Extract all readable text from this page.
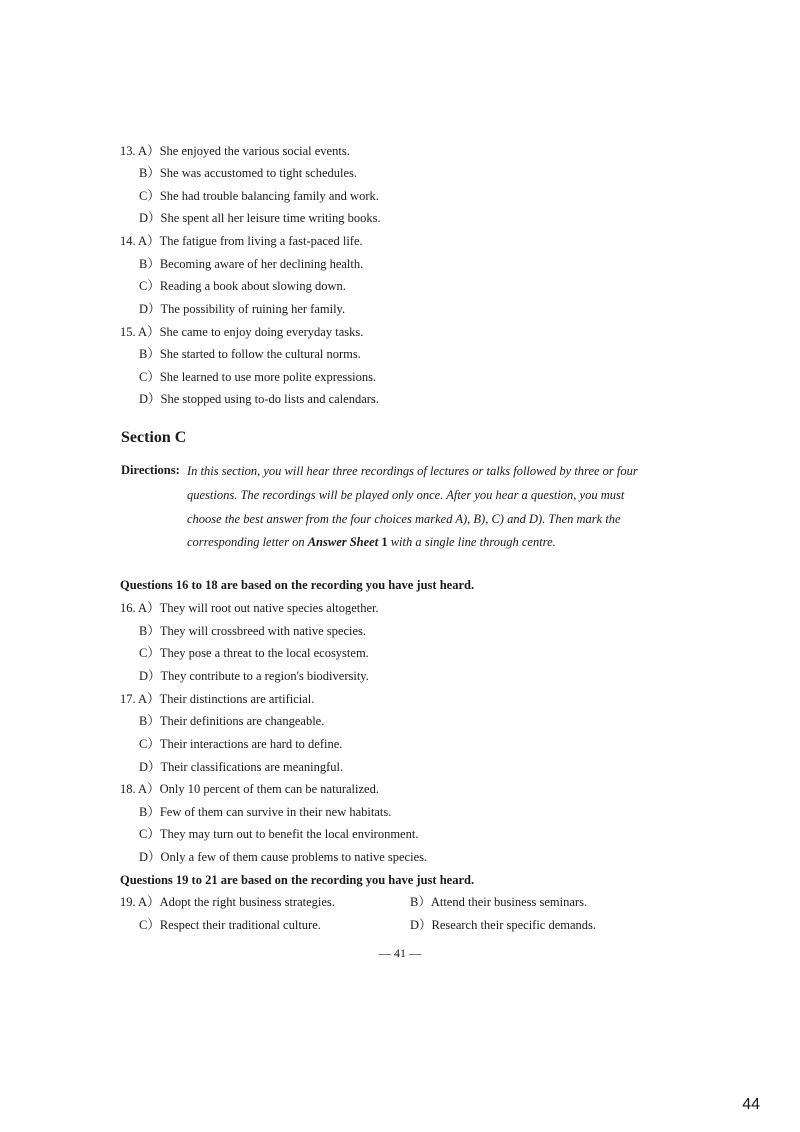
13. A）She enjoyed the various social events.
B）She was accustomed to tight schedules.
C）She had trouble balancing family and work.
D）She spent all her leisure time writing books.
14. A）The fatigue from living a fast-paced life.
B）Becoming aware of her declining health.
C）Reading a book about slowing down.
D）The possibility of ruining her family.
15. A）She came to enjoy doing everyday tasks.
B）She started to follow the cultural norms.
C）She learned to use more polite expressions.
D）She stopped using to-do lists and calendars.
Section C
Directions: In this section, you will hear three recordings of lectures or talks followed by three or four
questions. The recordings will be played only once. After you hear a question, you must
choose the best answer from the four choices marked A), B), C) and D). Then mark the
corresponding letter on Answer Sheet 1 with a single line through centre.
Questions 16 to 18 are based on the recording you have just heard.
16. A）They will root out native species altogether.
B）They will crossbreed with native species.
C）They pose a threat to the local ecosystem.
D）They contribute to a region's biodiversity.
17. A）Their distinctions are artificial.
B）Their definitions are changeable.
C）Their interactions are hard to define.
D）Their classifications are meaningful.
18. A）Only 10 percent of them can be naturalized.
B）Few of them can survive in their new habitats.
C）They may turn out to benefit the local environment.
D）Only a few of them cause problems to native species.
Questions 19 to 21 are based on the recording you have just heard.
19. A）Adopt the right business strategies.	B）Attend their business seminars.
C）Respect their traditional culture.	D）Research their specific demands.
— 41 —
44
